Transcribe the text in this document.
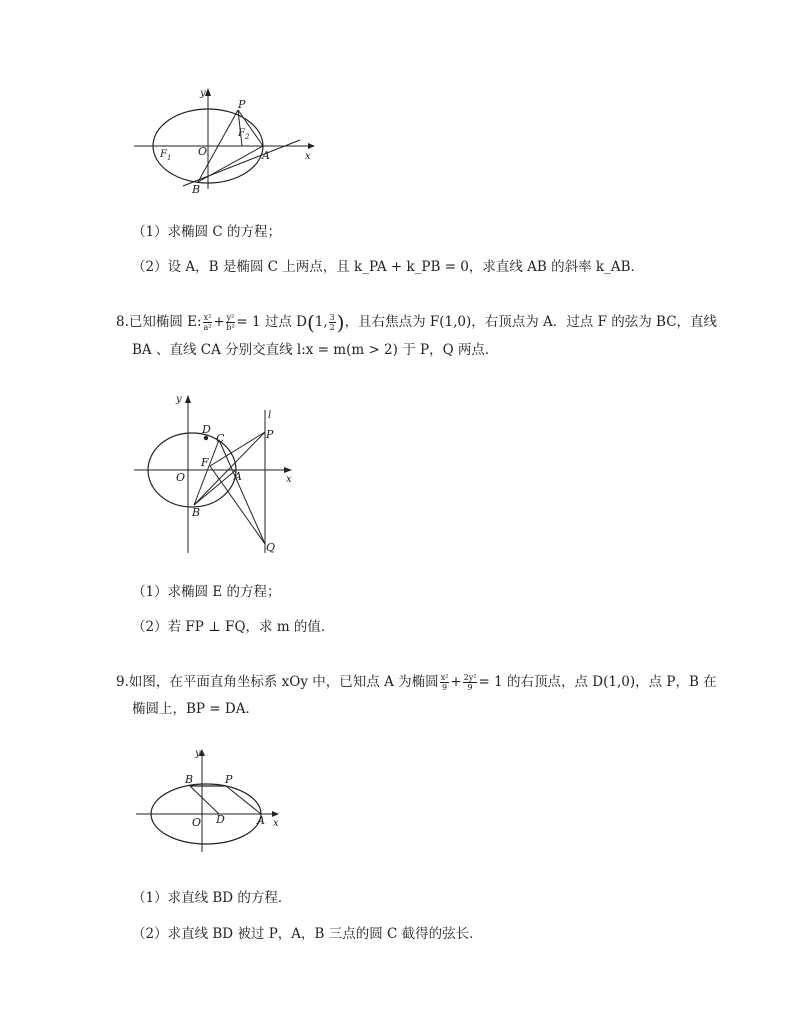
y
x
P
F 2
F 1 O	A
B
（1）求椭圆 C 的方程；
（2）设 A，B 是椭圆 C 上两点，且 k_PA + k_PB = 0，求直线 AB 的斜率 k_AB．
8.已知椭圆 E: $\frac{\text{x²}}{\text{a²}} + \frac{\text{y²}}{\text{b²}} = 1$ 过点 D(1, $\frac{3}{2}$ )，且右焦点为 F(1,0)，右顶点为 A．过点 F 的弦为 BC，直线
BA 、直线 CA 分别交直线 l:x = m(m > 2) 于 P，Q 两点．
y
x
l
D
C	P
F
O	A
B
Q
（1）求椭圆 E 的方程；
（2）若 FP ⊥ FQ，求 m 的值．
9.如图，在平面直角坐标系 xOy 中，已知点 A 为椭圆 $\frac{\text{x²}}{9} + \frac{\text{2y²}}{9} = 1$ 的右顶点，点 D(1,0)，点 P，B 在
椭圆上，BP = DA．
y
x
B	P
O D	A
（1）求直线 BD 的方程．
（2）求直线 BD 被过 P，A，B 三点的圆 C 截得的弦长．
